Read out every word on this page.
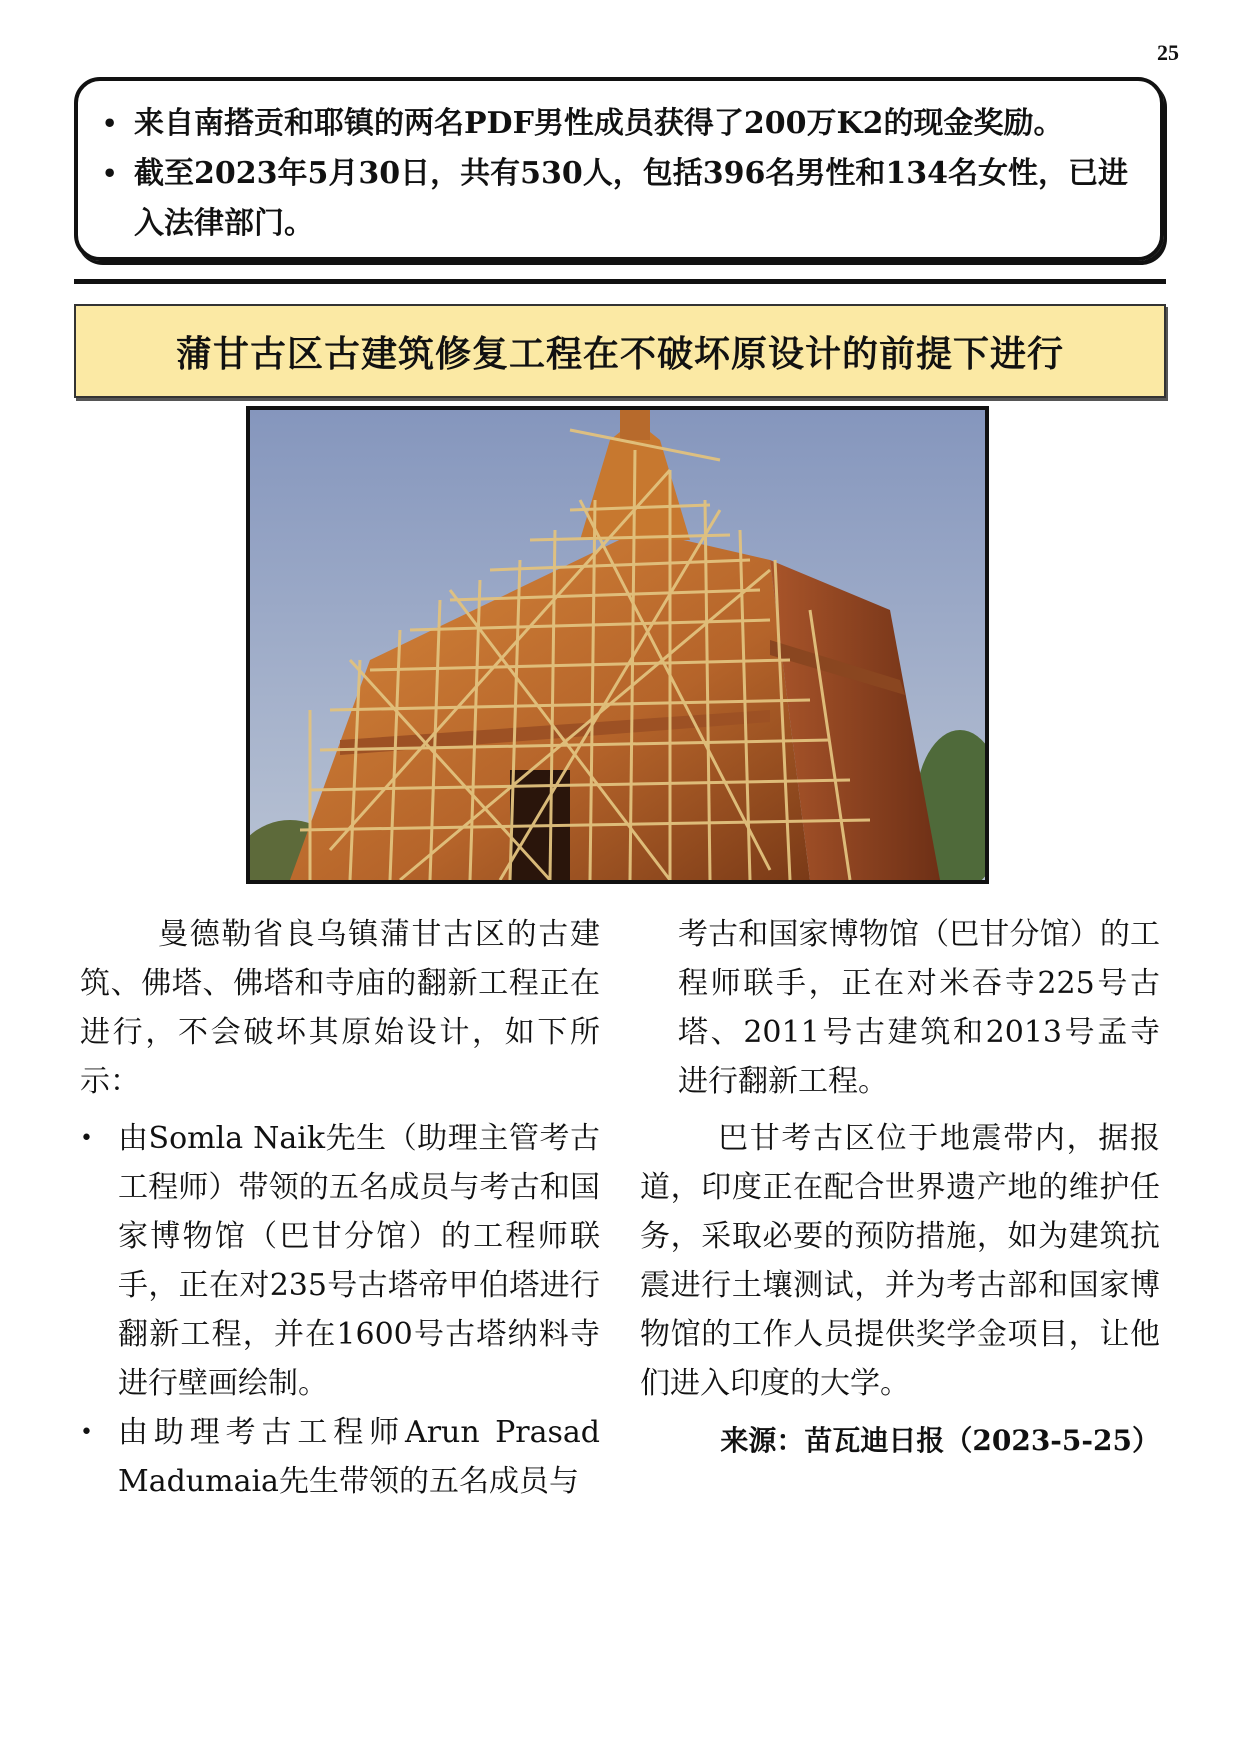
25
• 来自南搭贡和耶镇的两名PDF男性成员获得了200万K2的现金奖励。
• 截至2023年5月30日，共有530人，包括396名男性和134名女性，已进入法律部门。
蒲甘古区古建筑修复工程在不破坏原设计的前提下进行

曼德勒省良乌镇蒲甘古区的古建筑、佛塔、佛塔和寺庙的翻新工程正在进行，不会破坏其原始设计，如下所示：

• 由Somla Naik先生（助理主管考古工程师）带领的五名成员与考古和国家博物馆（巴甘分馆）的工程师联手，正在对235号古塔帝甲伯塔进行翻新工程，并在1600号古塔纳料寺进行壁画绘制。
• 由助理考古工程师Arun Prasad Madumaia先生带领的五名成员与

考古和国家博物馆（巴甘分馆）的工程师联手，正在对米吞寺225号古塔、2011号古建筑和2013号孟寺进行翻新工程。

巴甘考古区位于地震带内，据报道，印度正在配合世界遗产地的维护任务，采取必要的预防措施，如为建筑抗震进行土壤测试，并为考古部和国家博物馆的工作人员提供奖学金项目，让他们进入印度的大学。

来源：苗瓦迪日报（2023-5-25）
